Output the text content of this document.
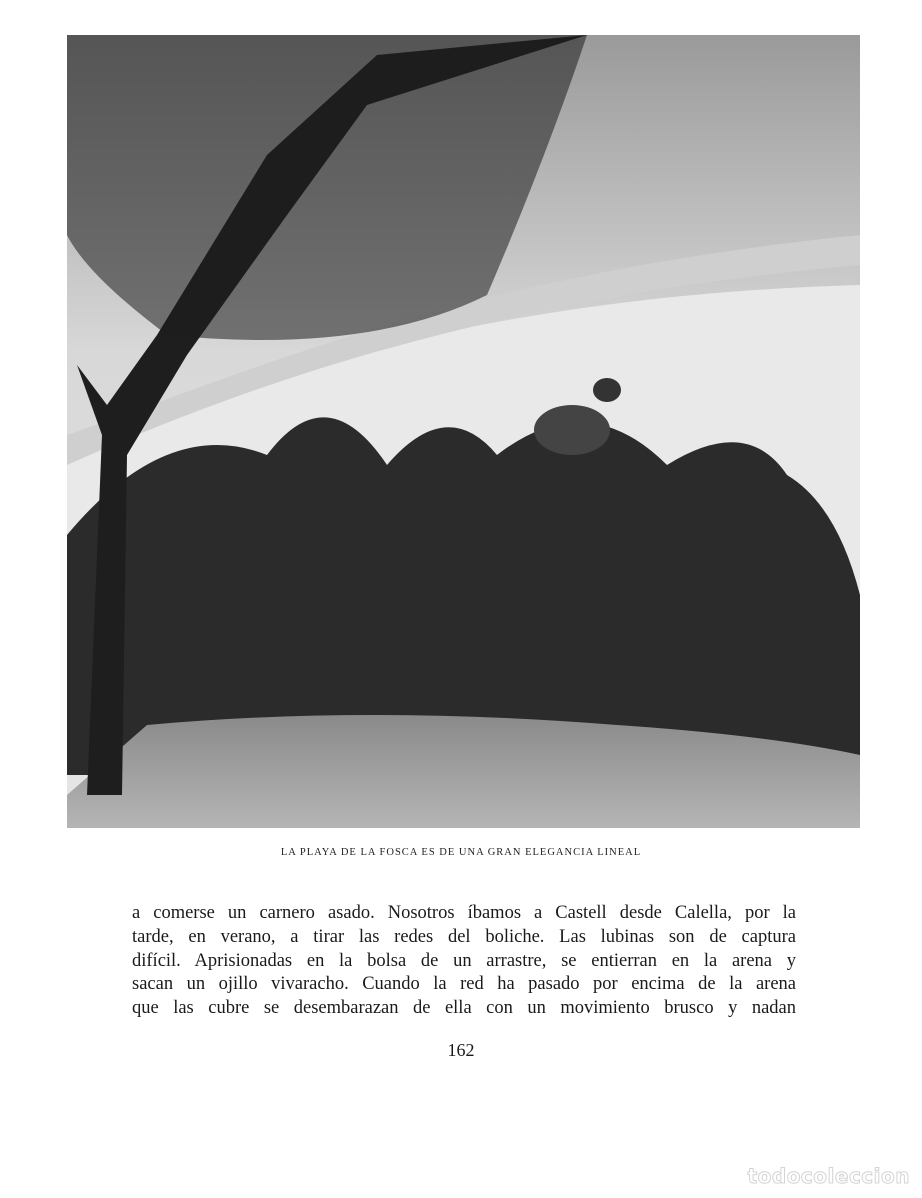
LA PLAYA DE LA FOSCA ES DE UNA GRAN ELEGANCIA LINEAL
a comerse un carnero asado. Nosotros íbamos a Castell desde Calella, por la
tarde, en verano, a tirar las redes del boliche. Las lubinas son de captura
difícil. Aprisionadas en la bolsa de un arrastre, se entierran en la arena y
sacan un ojillo vivaracho. Cuando la red ha pasado por encima de la arena
que las cubre se desembarazan de ella con un movimiento brusco y nadan
162
todocoleccion
